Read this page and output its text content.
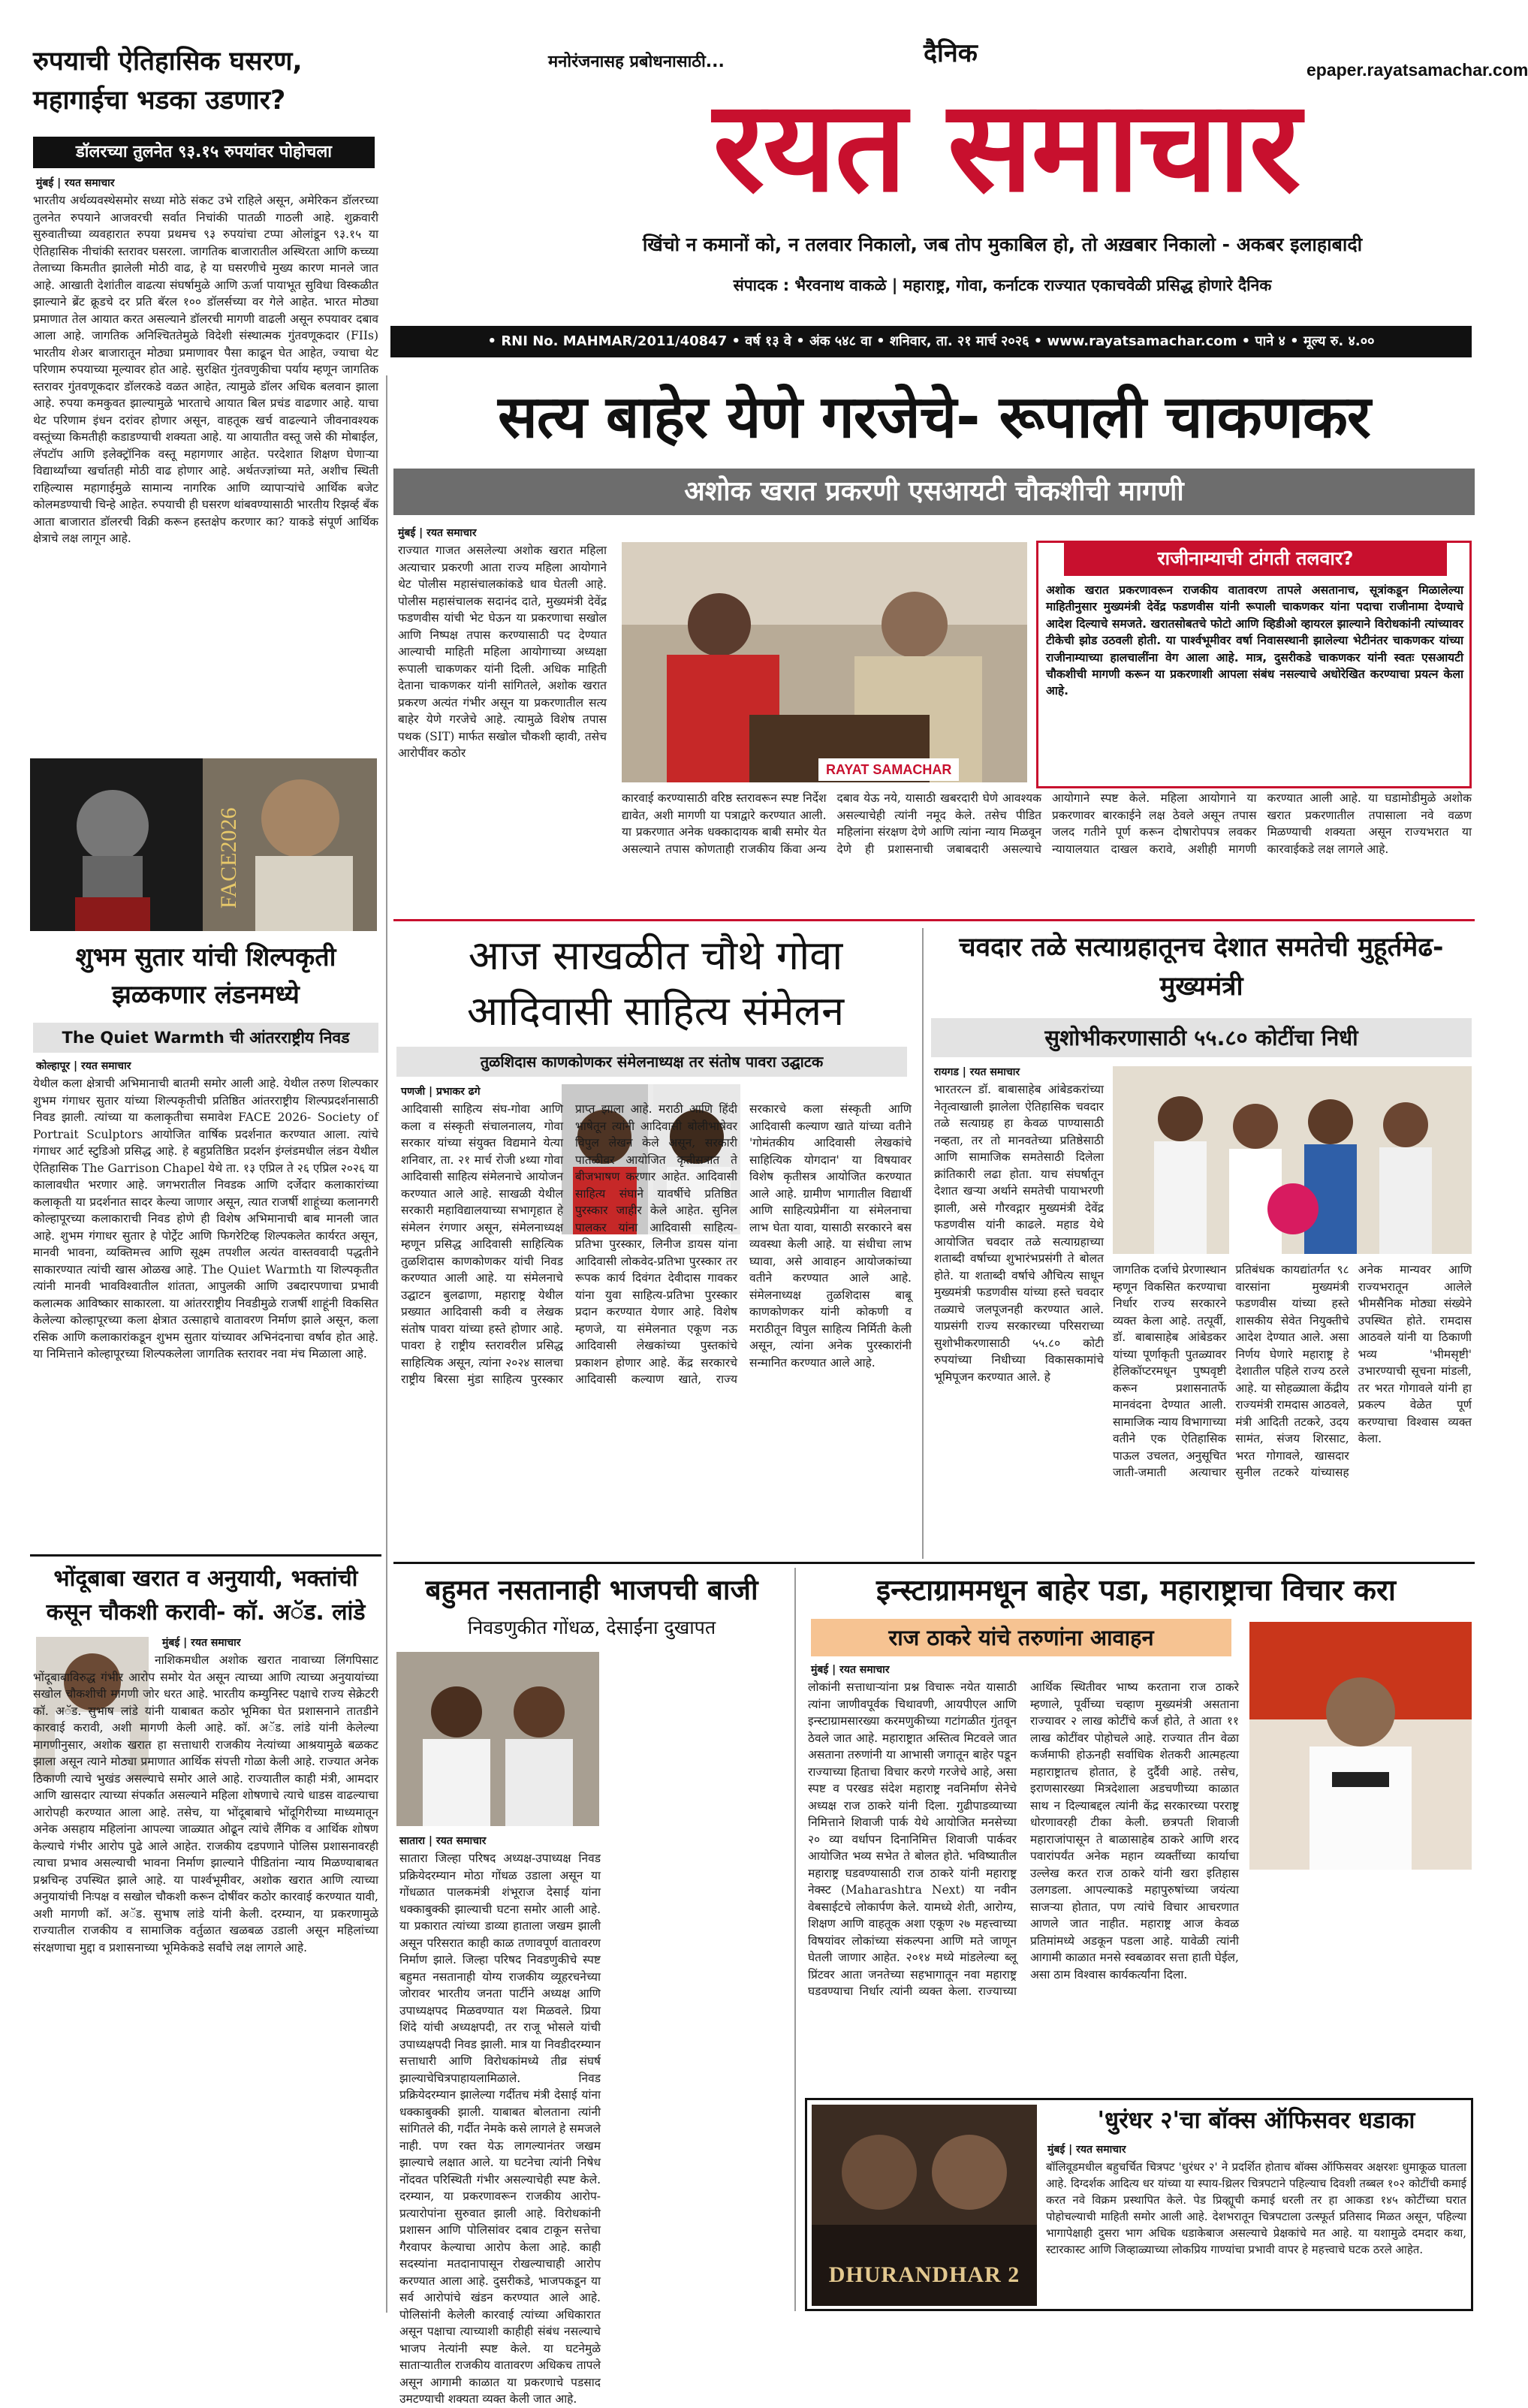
मनोरंजनासह प्रबोधनासाठी...	दैनिक
epaper.rayatsamachar.com
रयत समाचार
खिंचो न कमानों को, न तलवार निकालो, जब तोप मुकाबिल हो, तो अख़बार निकालो - अकबर इलाहाबादी
संपादक : भैरवनाथ वाकळे | महाराष्ट्र, गोवा, कर्नाटक राज्यात एकाचवेळी प्रसिद्ध होणारे दैनिक
• RNI No. MAHMAR/2011/40847 • वर्ष १३ वे • अंक ५४८ वा • शनिवार, ता. २१ मार्च २०२६ • www.rayatsamachar.com • पाने ४ • मूल्य रु. ४.००
रुपयाची ऐतिहासिक घसरण, महागाईचा भडका उडणार?
डॉलरच्या तुलनेत ९३.१५ रुपयांवर पोहोचला
मुंबई | रयत समाचार
भारतीय अर्थव्यवस्थेसमोर सध्या मोठे संकट उभे राहिले असून, अमेरिकन डॉलरच्या तुलनेत रुपयाने आजवरची सर्वात निचांकी पातळी गाठली आहे. शुक्रवारी सुरुवातीच्या व्यवहारात रुपया प्रथमच ९३ रुपयांचा टप्पा ओलांडून ९३.१५ या ऐतिहासिक नीचांकी स्तरावर घसरला. जागतिक बाजारातील अस्थिरता आणि कच्च्या तेलाच्या किमतीत झालेली मोठी वाढ, हे या घसरणीचे मुख्य कारण मानले जात आहे. आखाती देशांतील वाढत्या संघर्षामुळे आणि ऊर्जा पायाभूत सुविधा विस्कळीत झाल्याने ब्रेंट क्रूडचे दर प्रति बॅरल १०० डॉलर्सच्या वर गेले आहेत. भारत मोठ्या प्रमाणात तेल आयात करत असल्याने डॉलरची मागणी वाढली असून रुपयावर दबाव आला आहे. जागतिक अनिश्चिततेमुळे विदेशी संस्थात्मक गुंतवणूकदार (FIIs) भारतीय शेअर बाजारातून मोठ्या प्रमाणावर पैसा काढून घेत आहेत, ज्याचा थेट परिणाम रुपयाच्या मूल्यावर होत आहे. सुरक्षित गुंतवणुकीचा पर्याय म्हणून जागतिक स्तरावर गुंतवणूकदार डॉलरकडे वळत आहेत, त्यामुळे डॉलर अधिक बलवान झाला आहे. रुपया कमकुवत झाल्यामुळे भारताचे आयात बिल प्रचंड वाढणार आहे. याचा थेट परिणाम इंधन दरांवर होणार असून, वाहतूक खर्च वाढल्याने जीवनावश्यक वस्तूंच्या किमतीही कडाडण्याची शक्यता आहे. या आयातीत वस्तू जसे की मोबाईल, लॅपटॉप आणि इलेक्ट्रॉनिक वस्तू महागणार आहेत. परदेशात शिक्षण घेणाऱ्या विद्यार्थ्यांच्या खर्चातही मोठी वाढ होणार आहे. अर्थतज्ज्ञांच्या मते, अशीच स्थिती राहिल्यास महागाईमुळे सामान्य नागरिक आणि व्यापाऱ्यांचे आर्थिक बजेट कोलमडण्याची चिन्हे आहेत. रुपयाची ही घसरण थांबवण्यासाठी भारतीय रिझर्व्ह बँक आता बाजारात डॉलरची विक्री करून हस्तक्षेप करणार का? याकडे संपूर्ण आर्थिक क्षेत्राचे लक्ष लागून आहे.
FACE2026
शुभम सुतार यांची शिल्पकृती झळकणार लंडनमध्ये
The Quiet Warmth ची आंतरराष्ट्रीय निवड
कोल्हापूर | रयत समाचार
येथील कला क्षेत्राची अभिमानाची बातमी समोर आली आहे. येथील तरुण शिल्पकार शुभम गंगाधर सुतार यांच्या शिल्पकृतीची प्रतिष्ठित आंतरराष्ट्रीय शिल्पप्रदर्शनासाठी निवड झाली. त्यांच्या या कलाकृतीचा समावेश FACE 2026- Society of Portrait Sculptors आयोजित वार्षिक प्रदर्शनात करण्यात आला. त्यांचे गंगाधर आर्ट स्टुडिओ प्रसिद्ध आहे. हे बहुप्रतिष्ठित प्रदर्शन इंग्लंडमधील लंडन येथील ऐतिहासिक The Garrison Chapel येथे ता. १३ एप्रिल ते २६ एप्रिल २०२६ या कालावधीत भरणार आहे. जगभरातील निवडक आणि दर्जेदार कलाकारांच्या कलाकृती या प्रदर्शनात सादर केल्या जाणार असून, त्यात राजर्षी शाहूंच्या कलानगरी कोल्हापूरच्या कलाकाराची निवड होणे ही विशेष अभिमानाची बाब मानली जात आहे. शुभम गंगाधर सुतार हे पोर्ट्रेट आणि फिगरेटिव्ह शिल्पकलेत कार्यरत असून, मानवी भावना, व्यक्तिमत्त्व आणि सूक्ष्म तपशील अत्यंत वास्तववादी पद्धतीने साकारण्यात त्यांची खास ओळख आहे. The Quiet Warmth या शिल्पकृतीत त्यांनी मानवी भावविश्वातील शांतता, आपुलकी आणि उबदारपणाचा प्रभावी कलात्मक आविष्कार साकारला. या आंतरराष्ट्रीय निवडीमुळे राजर्षी शाहूंनी विकसित केलेल्या कोल्हापूरच्या कला क्षेत्रात उत्साहाचे वातावरण निर्माण झाले असून, कला रसिक आणि कलाकारांकडून शुभम सुतार यांच्यावर अभिनंदनाचा वर्षाव होत आहे. या निमित्ताने कोल्हापूरच्या शिल्पकलेला जागतिक स्तरावर नवा मंच मिळाला आहे.
भोंदूबाबा खरात व अनुयायी, भक्तांची कसून चौकशी करावी- कॉ. अॅड. लांडे
मुंबई | रयत समाचार
नाशिकमधील अशोक खरात नावाच्या लिंगपिसाट भोंदूबाबाविरुद्ध गंभीर आरोप समोर येत असून त्याच्या आणि त्याच्या अनुयायांच्या सखोल चौकशीची मागणी जोर धरत आहे. भारतीय कम्युनिस्ट पक्षाचे राज्य सेक्रेटरी कॉ. अॅड. सुभाष लांडे यांनी याबाबत कठोर भूमिका घेत प्रशासनाने तातडीने कारवाई करावी, अशी मागणी केली आहे. कॉ. अॅड. लांडे यांनी केलेल्या मागणीनुसार, अशोक खरात हा सत्ताधारी राजकीय नेत्यांच्या आश्रयामुळे बळकट झाला असून त्याने मोठ्या प्रमाणात आर्थिक संपत्ती गोळा केली आहे. राज्यात अनेक ठिकाणी त्याचे भुखंड असल्याचे समोर आले आहे. राज्यातील काही मंत्री, आमदार आणि खासदार त्याच्या संपर्कात असल्याने महिला शोषणाचे त्याचे धाडस वाढल्याचा आरोपही करण्यात आला आहे. तसेच, या भोंदूबाबाचे भोंदूगिरीच्या माध्यमातून अनेक असहाय महिलांना आपल्या जाळ्यात ओढून त्यांचे लैंगिक व आर्थिक शोषण केल्याचे गंभीर आरोप पुढे आले आहेत. राजकीय दडपणाने पोलिस प्रशासनावरही त्याचा प्रभाव असल्याची भावना निर्माण झाल्याने पीडितांना न्याय मिळण्याबाबत प्रश्नचिन्ह उपस्थित झाले आहे. या पार्श्वभूमीवर, अशोक खरात आणि त्याच्या अनुयायांची निःपक्ष व सखोल चौकशी करून दोषींवर कठोर कारवाई करण्यात यावी, अशी मागणी कॉ. अॅड. सुभाष लांडे यांनी केली. दरम्यान, या प्रकरणामुळे राज्यातील राजकीय व सामाजिक वर्तुळात खळबळ उडाली असून महिलांच्या संरक्षणाचा मुद्दा व प्रशासनाच्या भूमिकेकडे सर्वांचे लक्ष लागले आहे.
सत्य बाहेर येणे गरजेचे- रूपाली चाकणकर
अशोक खरात प्रकरणी एसआयटी चौकशीची मागणी
मुंबई | रयत समाचार
राज्यात गाजत असलेल्या अशोक खरात महिला अत्याचार प्रकरणी आता राज्य महिला आयोगाने थेट पोलीस महासंचालकांकडे धाव घेतली आहे. पोलीस महासंचालक सदानंद दाते, मुख्यमंत्री देवेंद्र फडणवीस यांची भेट घेऊन या प्रकरणाचा सखोल आणि निष्पक्ष तपास करण्यासाठी पद देण्यात आल्याची माहिती महिला आयोगाच्या अध्यक्षा रूपाली चाकणकर यांनी दिली. अधिक माहिती देताना चाकणकर यांनी सांगितले, अशोक खरात प्रकरण अत्यंत गंभीर असून या प्रकरणातील सत्य बाहेर येणे गरजेचे आहे. त्यामुळे विशेष तपास पथक (SIT) मार्फत सखोल चौकशी व्हावी, तसेच आरोपींवर कठोर
RAYAT SAMACHAR
राजीनाम्याची टांगती तलवार?
अशोक खरात प्रकरणावरून राजकीय वातावरण तापले असतानाच, सूत्रांकडून मिळालेल्या माहितीनुसार मुख्यमंत्री देवेंद्र फडणवीस यांनी रूपाली चाकणकर यांना पदाचा राजीनामा देण्याचे आदेश दिल्याचे समजते. खरातसोबतचे फोटो आणि व्हिडीओ व्हायरल झाल्याने विरोधकांनी त्यांच्यावर टीकेची झोड उठवली होती. या पार्श्वभूमीवर वर्षा निवासस्थानी झालेल्या भेटीनंतर चाकणकर यांच्या राजीनाम्याच्या हालचालींना वेग आला आहे. मात्र, दुसरीकडे चाकणकर यांनी स्वतः एसआयटी चौकशीची मागणी करून या प्रकरणाशी आपला संबंध नसल्याचे अधोरेखित करण्याचा प्रयत्न केला आहे.
कारवाई करण्यासाठी वरिष्ठ स्तरावरून स्पष्ट निर्देश द्यावेत, अशी मागणी या पत्राद्वारे करण्यात आली. या प्रकरणात अनेक धक्कादायक बाबी समोर येत असल्याने तपास कोणताही राजकीय किंवा अन्य दबाव येऊ नये, यासाठी खबरदारी घेणे आवश्यक असल्याचेही त्यांनी नमूद केले. तसेच पीडित महिलांना संरक्षण देणे आणि त्यांना न्याय मिळवून देणे ही प्रशासनाची जबाबदारी असल्याचे आयोगाने स्पष्ट केले. महिला आयोगाने या प्रकरणावर बारकाईने लक्ष ठेवले असून तपास जलद गतीने पूर्ण करून दोषारोपपत्र लवकर न्यायालयात दाखल करावे, अशीही मागणी करण्यात आली आहे. या घडामोडीमुळे अशोक खरात प्रकरणातील तपासाला नवे वळण मिळण्याची शक्यता असून राज्यभरात या कारवाईकडे लक्ष लागले आहे.
आज साखळीत चौथे गोवा आदिवासी साहित्य संमेलन
तुळशिदास काणकोणकर संमेलनाध्यक्ष तर संतोष पावरा उद्घाटक
पणजी | प्रभाकर ढगे
आदिवासी साहित्य संघ-गोवा आणि कला व संस्कृती संचालनालय, गोवा सरकार यांच्या संयुक्त विद्यमाने येत्या शनिवार, ता. २१ मार्च रोजी ४थ्या गोवा आदिवासी साहित्य संमेलनाचे आयोजन करण्यात आले आहे. साखळी येथील सरकारी महाविद्यालयाच्या सभागृहात हे संमेलन रंगणार असून, संमेलनाध्यक्ष म्हणून प्रसिद्ध आदिवासी साहित्यिक तुळशिदास काणकोणकर यांची निवड करण्यात आली आहे. या संमेलनाचे उद्घाटन बुलढाणा, महाराष्ट्र येथील प्रख्यात आदिवासी कवी व लेखक संतोष पावरा यांच्या हस्ते होणार आहे. पावरा हे राष्ट्रीय स्तरावरील प्रसिद्ध साहित्यिक असून, त्यांना २०२४ सालचा राष्ट्रीय बिरसा मुंडा साहित्य पुरस्कार प्राप्त झाला आहे. मराठी आणि हिंदी भाषेतून त्यांनी आदिवासी बोलीभाषेवर विपुल लेखन केले असून, सरकारी पातळीवर आयोजित कृतीसत्रात ते बीजभाषण करणार आहेत. आदिवासी साहित्य संघाने यावर्षीचे प्रतिष्ठित पुरस्कार जाहीर केले आहेत. सुनिल पालकर यांना आदिवासी साहित्य-प्रतिभा पुरस्कार, लिनीज डायस यांना आदिवासी लोकवेद-प्रतिभा पुरस्कार तर रूपक कार्य दिवंगत देवीदास गावकर यांना युवा साहित्य-प्रतिभा पुरस्कार प्रदान करण्यात येणार आहे. विशेष म्हणजे, या संमेलनात एकूण नऊ आदिवासी लेखकांच्या पुस्तकांचे प्रकाशन होणार आहे. केंद्र सरकारचे आदिवासी कल्याण खाते, राज्य सरकारचे कला संस्कृती आणि आदिवासी कल्याण खाते यांच्या वतीने 'गोमंतकीय आदिवासी लेखकांचे साहित्यिक योगदान' या विषयावर विशेष कृतीसत्र आयोजित करण्यात आले आहे. ग्रामीण भागातील विद्यार्थी आणि साहित्यप्रेमींना या संमेलनाचा लाभ घेता यावा, यासाठी सरकारने बस व्यवस्था केली आहे. या संधीचा लाभ घ्यावा, असे आवाहन आयोजकांच्या वतीने करण्यात आले आहे. संमेलनाध्यक्ष तुळशिदास बाबू काणकोणकर यांनी कोकणी व मराठीतून विपुल साहित्य निर्मिती केली असून, त्यांना अनेक पुरस्कारांनी सन्मानित करण्यात आले आहे.
चवदार तळे सत्याग्रहातूनच देशात समतेची मुहूर्तमेढ- मुख्यमंत्री
सुशोभीकरणासाठी ५५.८० कोटींचा निधी
रायगड | रयत समाचार
भारतरत्न डॉ. बाबासाहेब आंबेडकरांच्या नेतृत्वाखाली झालेला ऐतिहासिक चवदार तळे सत्याग्रह हा केवळ पाण्यासाठी नव्हता, तर तो मानवतेच्या प्रतिष्ठेसाठी आणि सामाजिक समतेसाठी दिलेला क्रांतिकारी लढा होता. याच संघर्षातून देशात खऱ्या अर्थाने समतेची पायाभरणी झाली, असे गौरवद्गार मुख्यमंत्री देवेंद्र फडणवीस यांनी काढले. महाड येथे आयोजित चवदार तळे सत्याग्रहाच्या शताब्दी वर्षाच्या शुभारंभप्रसंगी ते बोलत होते. या शताब्दी वर्षाचे औचित्य साधून मुख्यमंत्री फडणवीस यांच्या हस्ते चवदार तळ्याचे जलपूजनही करण्यात आले. याप्रसंगी राज्य सरकारच्या परिसराच्या सुशोभीकरणासाठी ५५.८० कोटी रुपयांच्या निधीच्या विकासकामांचे भूमिपूजन करण्यात आले. हे
जागतिक दर्जाचे प्रेरणास्थान म्हणून विकसित करण्याचा निर्धार राज्य सरकारने व्यक्त केला आहे. तत्पूर्वी, डॉ. बाबासाहेब आंबेडकर यांच्या पूर्णाकृती पुतळ्यावर हेलिकॉप्टरमधून पुष्पवृष्टी करून प्रशासनातर्फे मानवंदना देण्यात आली. सामाजिक न्याय विभागाच्या वतीने एक ऐतिहासिक पाऊल उचलत, अनुसूचित जाती-जमाती अत्याचार प्रतिबंधक कायद्यांतर्गत ९८ वारसांना मुख्यमंत्री फडणवीस यांच्या हस्ते शासकीय सेवेत नियुक्तीचे आदेश देण्यात आले. असा निर्णय घेणारे महाराष्ट्र हे देशातील पहिले राज्य ठरले आहे. या सोहळ्याला केंद्रीय राज्यमंत्री रामदास आठवले, मंत्री आदिती तटकरे, उदय सामंत, संजय शिरसाट, भरत गोगावले, खासदार सुनील तटकरे यांच्यासह अनेक मान्यवर आणि राज्यभरातून आलेले भीमसैनिक मोठ्या संख्येने उपस्थित होते. रामदास आठवले यांनी या ठिकाणी भव्य 'भीमसृष्टी' उभारण्याची सूचना मांडली, तर भरत गोगावले यांनी हा प्रकल्प वेळेत पूर्ण करण्याचा विश्वास व्यक्त केला.
बहुमत नसतानाही भाजपची बाजी
निवडणुकीत गोंधळ, देसाईंना दुखापत
सातारा | रयत समाचार
सातारा जिल्हा परिषद अध्यक्ष-उपाध्यक्ष निवड प्रक्रियेदरम्यान मोठा गोंधळ उडाला असून या गोंधळात पालकमंत्री शंभूराज देसाई यांना धक्काबुक्की झाल्याची घटना समोर आली आहे. या प्रकारात त्यांच्या डाव्या हाताला जखम झाली असून परिसरात काही काळ तणावपूर्ण वातावरण निर्माण झाले. जिल्हा परिषद निवडणुकीचे स्पष्ट बहुमत नसतानाही योग्य राजकीय व्यूहरचनेच्या जोरावर भारतीय जनता पार्टीने अध्यक्ष आणि उपाध्यक्षपद मिळवण्यात यश मिळवले. प्रिया शिंदे यांची अध्यक्षपदी, तर राजू भोसले यांची उपाध्यक्षपदी निवड झाली. मात्र या निवडीदरम्यान सत्ताधारी आणि विरोधकांमध्ये तीव्र संघर्ष झाल्याचेचित्रपाहायलामिळाले. निवड प्रक्रियेदरम्यान झालेल्या गर्दीतच मंत्री देसाई यांना धक्काबुक्की झाली. याबाबत बोलताना त्यांनी सांगितले की, गर्दीत नेमके कसे लागले हे समजले नाही. पण रक्त येऊ लागल्यानंतर जखम झाल्याचे लक्षात आले. या घटनेचा त्यांनी निषेध नोंदवत परिस्थिती गंभीर असल्याचेही स्पष्ट केले. दरम्यान, या प्रकरणावरून राजकीय आरोप-प्रत्यारोपांना सुरुवात झाली आहे. विरोधकांनी प्रशासन आणि पोलिसांवर दबाव टाकून सत्तेचा गैरवापर केल्याचा आरोप केला आहे. काही सदस्यांना मतदानापासून रोखल्याचाही आरोप करण्यात आला आहे. दुसरीकडे, भाजपकडून या सर्व आरोपांचे खंडन करण्यात आले आहे. पोलिसांनी केलेली कारवाई त्यांच्या अधिकारात असून पक्षाचा त्याच्याशी काहीही संबंध नसल्याचे भाजप नेत्यांनी स्पष्ट केले. या घटनेमुळे साताऱ्यातील राजकीय वातावरण अधिकच तापले असून आगामी काळात या प्रकरणाचे पडसाद उमटण्याची शक्यता व्यक्त केली जात आहे.
इन्स्टाग्राममधून बाहेर पडा, महाराष्ट्राचा विचार करा
राज ठाकरे यांचे तरुणांना आवाहन
मुंबई | रयत समाचार
लोकांनी सत्ताधाऱ्यांना प्रश्न विचारू नयेत यासाठी त्यांना जाणीवपूर्वक चिथावणी, आयपीएल आणि इन्स्टाग्रामसारख्या करमणुकीच्या गटांगळीत गुंतवून ठेवले जात आहे. महाराष्ट्रात अस्तित्व मिटवले जात असताना तरुणांनी या आभासी जगातून बाहेर पडून राज्याच्या हिताचा विचार करणे गरजेचे आहे, असा स्पष्ट व परखड संदेश महाराष्ट्र नवनिर्माण सेनेचे अध्यक्ष राज ठाकरे यांनी दिला. गुढीपाडव्याच्या निमित्ताने शिवाजी पार्क येथे आयोजित मनसेच्या २० व्या वर्धापन दिनानिमित्त शिवाजी पार्कवर आयोजित भव्य सभेत ते बोलत होते. भविष्यातील महाराष्ट्र घडवण्यासाठी राज ठाकरे यांनी महाराष्ट्र नेक्स्ट (Maharashtra Next) या नवीन वेबसाईटचे लोकार्पण केले. यामध्ये शेती, आरोग्य, शिक्षण आणि वाहतूक अशा एकूण २७ महत्त्वाच्या विषयांवर लोकांच्या संकल्पना आणि मते जाणून घेतली जाणार आहेत. २०१४ मध्ये मांडलेल्या ब्लू प्रिंटवर आता जनतेच्या सहभागातून नवा महाराष्ट्र घडवण्याचा निर्धार त्यांनी व्यक्त केला. राज्याच्या आर्थिक स्थितीवर भाष्य करताना राज ठाकरे म्हणाले, पूर्वीच्या चव्हाण मुख्यमंत्री असताना राज्यावर २ लाख कोटींचे कर्ज होते, ते आता ११ लाख कोटींवर पोहोचले आहे. राज्यात तीन वेळा कर्जमाफी होऊनही सर्वाधिक शेतकरी आत्महत्या महाराष्ट्रातच होतात, हे दुर्दैवी आहे. तसेच, इराणसारख्या मित्रदेशाला अडचणीच्या काळात साथ न दिल्याबद्दल त्यांनी केंद्र सरकारच्या परराष्ट्र धोरणावरही टीका केली. छत्रपती शिवाजी महाराजांपासून ते बाळासाहेब ठाकरे आणि शरद पवारांपर्यंत अनेक महान व्यक्तींच्या कार्याचा उल्लेख करत राज ठाकरे यांनी खरा इतिहास उलगडला. आपल्याकडे महापुरुषांच्या जयंत्या साजऱ्या होतात, पण त्यांचे विचार आचरणात आणले जात नाहीत. महाराष्ट्र आज केवळ प्रतिमांमध्ये अडकून पडला आहे. यावेळी त्यांनी आगामी काळात मनसे स्वबळावर सत्ता हाती घेईल, असा ठाम विश्वास कार्यकर्त्यांना दिला.
DHURANDHAR 2
'धुरंधर २'चा बॉक्स ऑफिसवर धडाका
मुंबई | रयत समाचार
बॉलिवूडमधील बहुचर्चित चित्रपट 'धुरंधर २' ने प्रदर्शित होताच बॉक्स ऑफिसवर अक्षरशः धुमाकूळ घातला आहे. दिग्दर्शक आदित्य धर यांच्या या स्पाय-थ्रिलर चित्रपटाने पहिल्याच दिवशी तब्बल १०२ कोटींची कमाई करत नवे विक्रम प्रस्थापित केले. पेड प्रिव्ह्यूची कमाई धरली तर हा आकडा १४५ कोटींच्या घरात पोहोचल्याची माहिती समोर आली आहे. देशभरातून चित्रपटाला उत्स्फूर्त प्रतिसाद मिळत असून, पहिल्या भागापेक्षाही दुसरा भाग अधिक धडाकेबाज असल्याचे प्रेक्षकांचे मत आहे. या यशामुळे दमदार कथा, स्टारकास्ट आणि जिव्हाळ्याच्या लोकप्रिय गाण्यांचा प्रभावी वापर हे महत्त्वाचे घटक ठरले आहेत.
